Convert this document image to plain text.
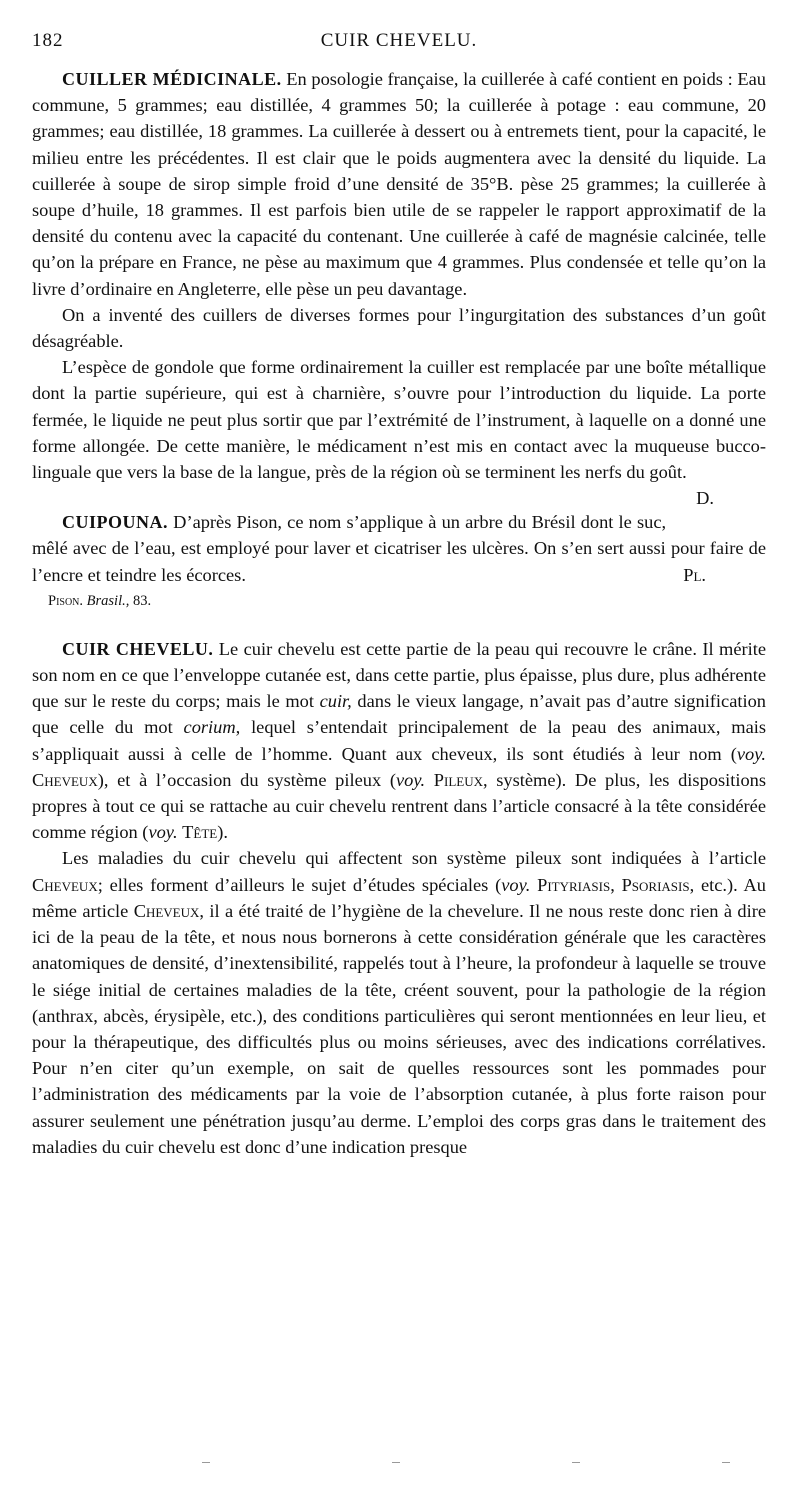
182	CUIR CHEVELU.

CUILLER MÉDICINALE. En posologie française, la cuillerée à café contient en poids : Eau commune, 5 grammes; eau distillée, 4 grammes 50; la cuillerée à potage : eau commune, 20 grammes; eau distillée, 18 grammes. La cuillerée à dessert ou à entremets tient, pour la capacité, le milieu entre les précédentes. Il est clair que le poids augmentera avec la densité du liquide. La cuillerée à soupe de sirop simple froid d’une densité de 35°B. pèse 25 grammes; la cuillerée à soupe d’huile, 18 grammes. Il est parfois bien utile de se rappeler le rapport approximatif de la densité du contenu avec la capacité du contenant. Une cuillerée à café de magnésie calcinée, telle qu’on la prépare en France, ne pèse au maximum que 4 grammes. Plus condensée et telle qu’on la livre d’ordinaire en Angleterre, elle pèse un peu davantage.

On a inventé des cuillers de diverses formes pour l’ingurgitation des substances d’un goût désagréable.

L’espèce de gondole que forme ordinairement la cuiller est remplacée par une boîte métallique dont la partie supérieure, qui est à charnière, s’ouvre pour l’introduction du liquide. La porte fermée, le liquide ne peut plus sortir que par l’extrémité de l’instrument, à laquelle on a donné une forme allongée. De cette manière, le médicament n’est mis en contact avec la muqueuse bucco-linguale que vers la base de la langue, près de la région où se terminent les nerfs du goût.
D.

CUIPOUNA. D’après Pison, ce nom s’applique à un arbre du Brésil dont le suc, mêlé avec de l’eau, est employé pour laver et cicatriser les ulcères. On s’en sert aussi pour faire de l’encre et teindre les écorces.	Pl.

Pison. Brasil., 83.

CUIR CHEVELU. Le cuir chevelu est cette partie de la peau qui recouvre le crâne. Il mérite son nom en ce que l’enveloppe cutanée est, dans cette partie, plus épaisse, plus dure, plus adhérente que sur le reste du corps; mais le mot cuir, dans le vieux langage, n’avait pas d’autre signification que celle du mot corium, lequel s’entendait principalement de la peau des animaux, mais s’appliquait aussi à celle de l’homme. Quant aux cheveux, ils sont étudiés à leur nom (voy. Cheveux), et à l’occasion du système pileux (voy. Pileux, système). De plus, les dispositions propres à tout ce qui se rattache au cuir chevelu rentrent dans l’article consacré à la tête considérée comme région (voy. Tête).

Les maladies du cuir chevelu qui affectent son système pileux sont indiquées à l’article Cheveux; elles forment d’ailleurs le sujet d’études spéciales (voy. Pityriasis, Psoriasis, etc.). Au même article Cheveux, il a été traité de l’hygiène de la chevelure. Il ne nous reste donc rien à dire ici de la peau de la tête, et nous nous bornerons à cette considération générale que les caractères anatomiques de densité, d’inextensibilité, rappelés tout à l’heure, la profondeur à laquelle se trouve le siége initial de certaines maladies de la tête, créent souvent, pour la pathologie de la région (anthrax, abcès, érysipèle, etc.), des conditions particulières qui seront mentionnées en leur lieu, et pour la thérapeutique, des difficultés plus ou moins sérieuses, avec des indications corrélatives. Pour n’en citer qu’un exemple, on sait de quelles ressources sont les pommades pour l’administration des médicaments par la voie de l’absorption cutanée, à plus forte raison pour assurer seulement une pénétration jusqu’au derme. L’emploi des corps gras dans le traitement des maladies du cuir chevelu est donc d’une indication presque
